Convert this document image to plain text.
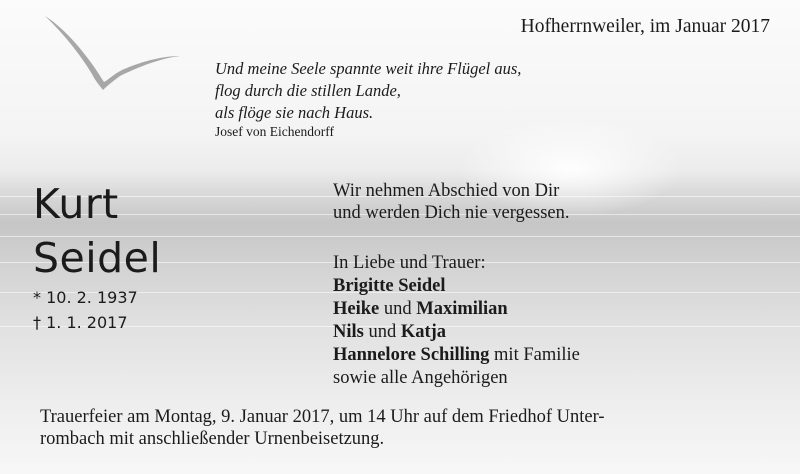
Hofherrnweiler, im Januar 2017
Und meine Seele spannte weit ihre Flügel aus,
flog durch die stillen Lande,
als flöge sie nach Haus.
Josef von Eichendorff
Kurt
Seidel
* 10. 2. 1937
† 1. 1. 2017
Wir nehmen Abschied von Dir
und werden Dich nie vergessen.
In Liebe und Trauer:
Brigitte Seidel
Heike und Maximilian
Nils und Katja
Hannelore Schilling mit Familie
sowie alle Angehörigen
Trauerfeier am Montag, 9. Januar 2017, um 14 Uhr auf dem Friedhof Unter-
rombach mit anschließender Urnenbeisetzung.
